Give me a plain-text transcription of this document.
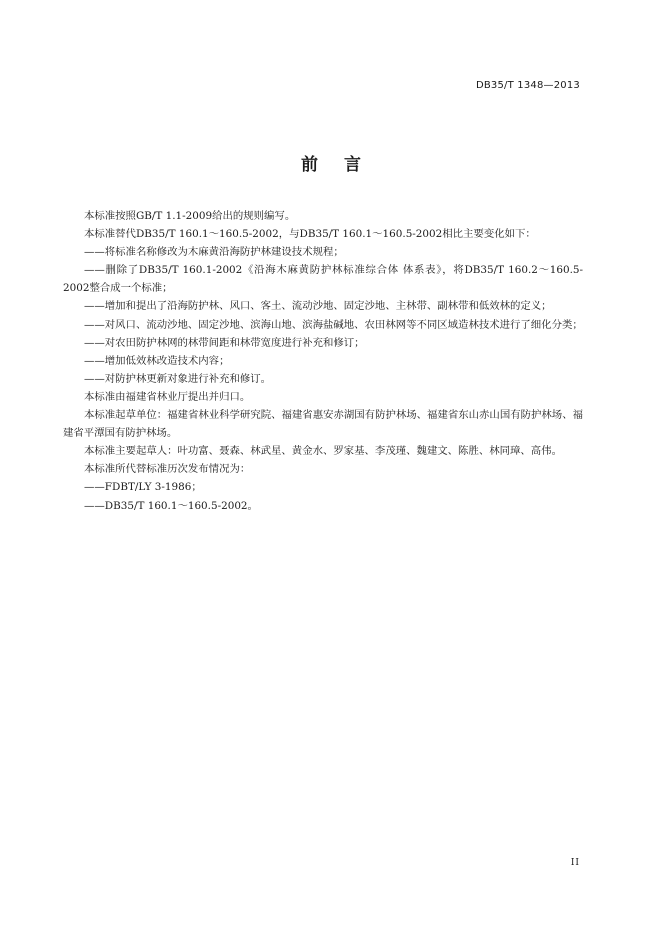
DB35/T 1348—2013
前言

本标准按照GB/T 1.1-2009给出的规则编写。

本标准替代DB35/T 160.1～160.5-2002，与DB35/T 160.1～160.5-2002相比主要变化如下：

——将标准名称修改为木麻黄沿海防护林建设技术规程；

——删除了DB35/T 160.1-2002《沿海木麻黄防护林标准综合体 体系表》，将DB35/T 160.2～160.5-2002整合成一个标准；

——增加和提出了沿海防护林、风口、客土、流动沙地、固定沙地、主林带、副林带和低效林的定义；

——对风口、流动沙地、固定沙地、滨海山地、滨海盐碱地、农田林网等不同区域造林技术进行了细化分类；

——对农田防护林网的林带间距和林带宽度进行补充和修订；

——增加低效林改造技术内容；

——对防护林更新对象进行补充和修订。

本标准由福建省林业厅提出并归口。

本标准起草单位：福建省林业科学研究院、福建省惠安赤湖国有防护林场、福建省东山赤山国有防护林场、福建省平潭国有防护林场。

本标准主要起草人：叶功富、聂森、林武星、黄金水、罗家基、李茂瑾、魏建文、陈胜、林同璋、高伟。

本标准所代替标准历次发布情况为：

——FDBT/LY 3-1986；

——DB35/T 160.1～160.5-2002。

II
